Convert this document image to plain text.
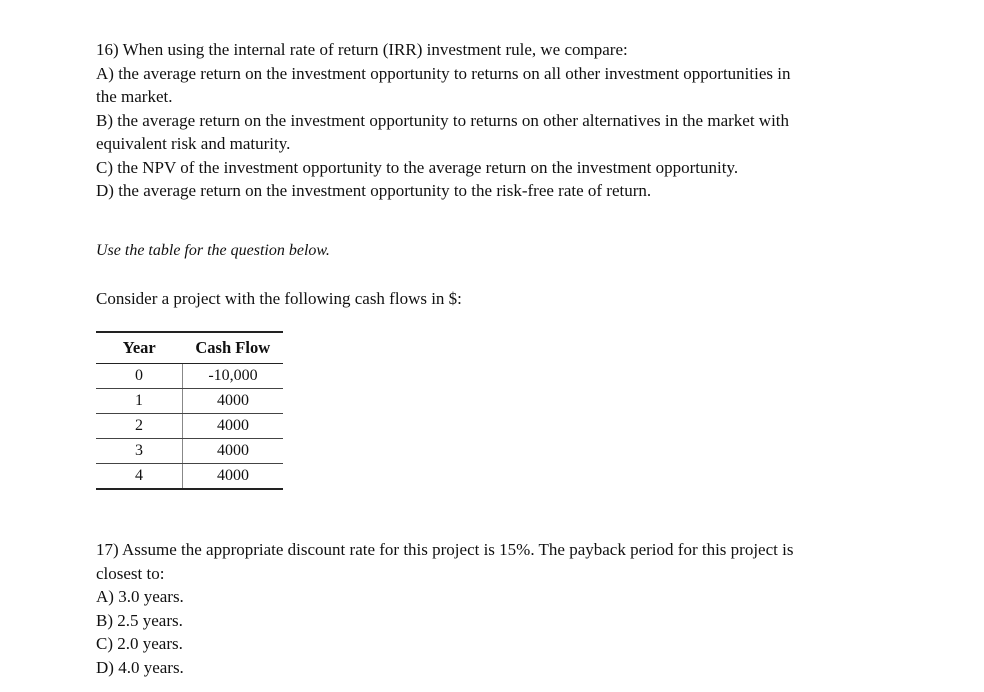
16) When using the internal rate of return (IRR) investment rule, we compare:
A) the average return on the investment opportunity to returns on all other investment opportunities in
the market.
B) the average return on the investment opportunity to returns on other alternatives in the market with
equivalent risk and maturity.
C) the NPV of the investment opportunity to the average return on the investment opportunity.
D) the average return on the investment opportunity to the risk-free rate of return.
Use the table for the question below.
Consider a project with the following cash flows in $:
Year	Cash Flow
0	-10,000
1	4000
2	4000
3	4000
4	4000
17) Assume the appropriate discount rate for this project is 15%. The payback period for this project is
closest to:
A) 3.0 years.
B) 2.5 years.
C) 2.0 years.
D) 4.0 years.
